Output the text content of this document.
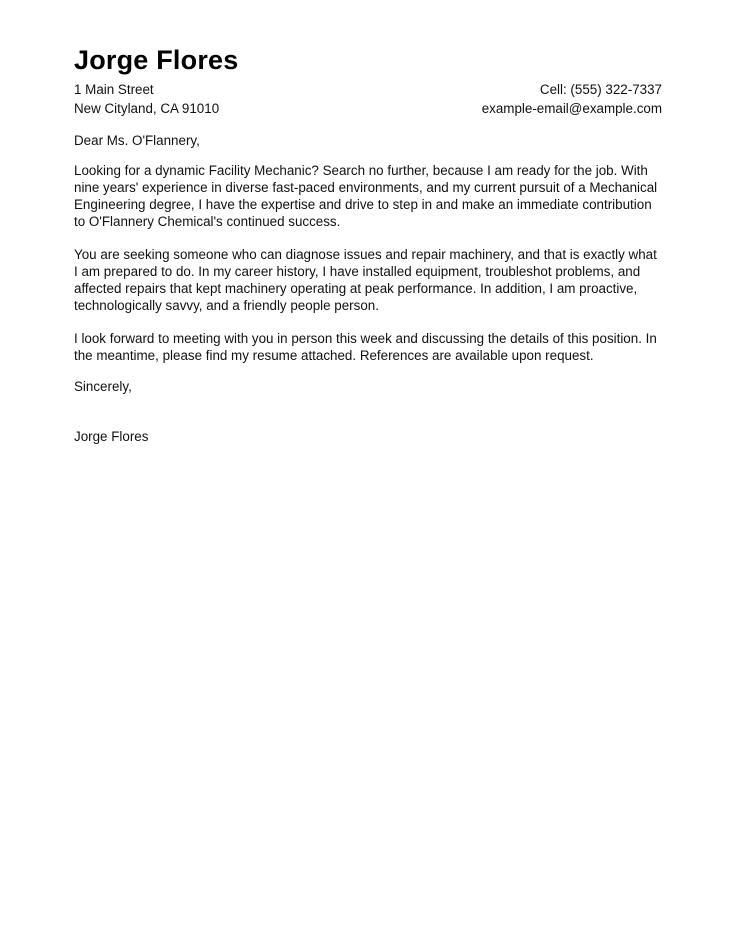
Jorge Flores
1 Main Street	Cell: (555) 322-7337
New Cityland, CA 91010	example-email@example.com
Dear Ms. O'Flannery,

Looking for a dynamic Facility Mechanic? Search no further, because I am ready for the job. With nine years' experience in diverse fast-paced environments, and my current pursuit of a Mechanical Engineering degree, I have the expertise and drive to step in and make an immediate contribution to O'Flannery Chemical's continued success.

You are seeking someone who can diagnose issues and repair machinery, and that is exactly what I am prepared to do. In my career history, I have installed equipment, troubleshot problems, and affected repairs that kept machinery operating at peak performance. In addition, I am proactive, technologically savvy, and a friendly people person.

I look forward to meeting with you in person this week and discussing the details of this position. In the meantime, please find my resume attached. References are available upon request.

Sincerely,
Jorge Flores
